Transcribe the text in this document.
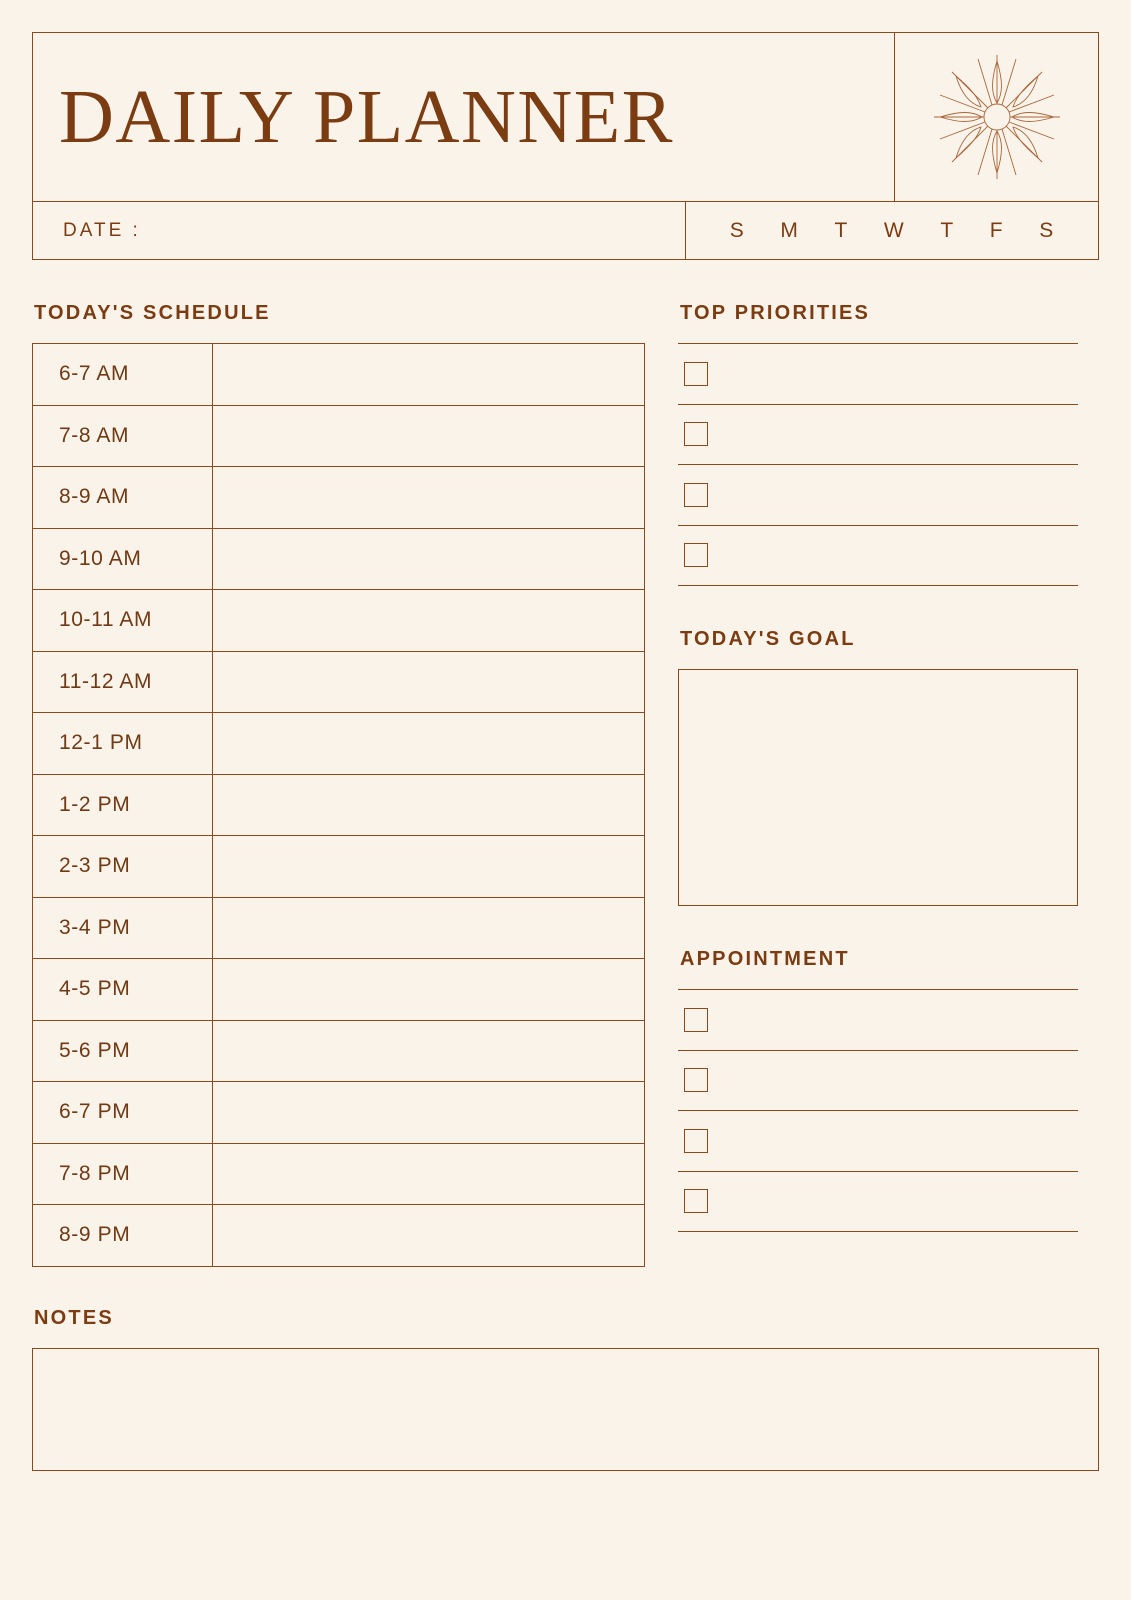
DAILY PLANNER
DATE :	S M T W T F S
TODAY'S SCHEDULE
6-7 AM
7-8 AM
8-9 AM
9-10 AM
10-11 AM
11-12 AM
12-1 PM
1-2 PM
2-3 PM
3-4 PM
4-5 PM
5-6 PM
6-7 PM
7-8 PM
8-9 PM
TOP PRIORITIES
TODAY'S GOAL
APPOINTMENT
NOTES
